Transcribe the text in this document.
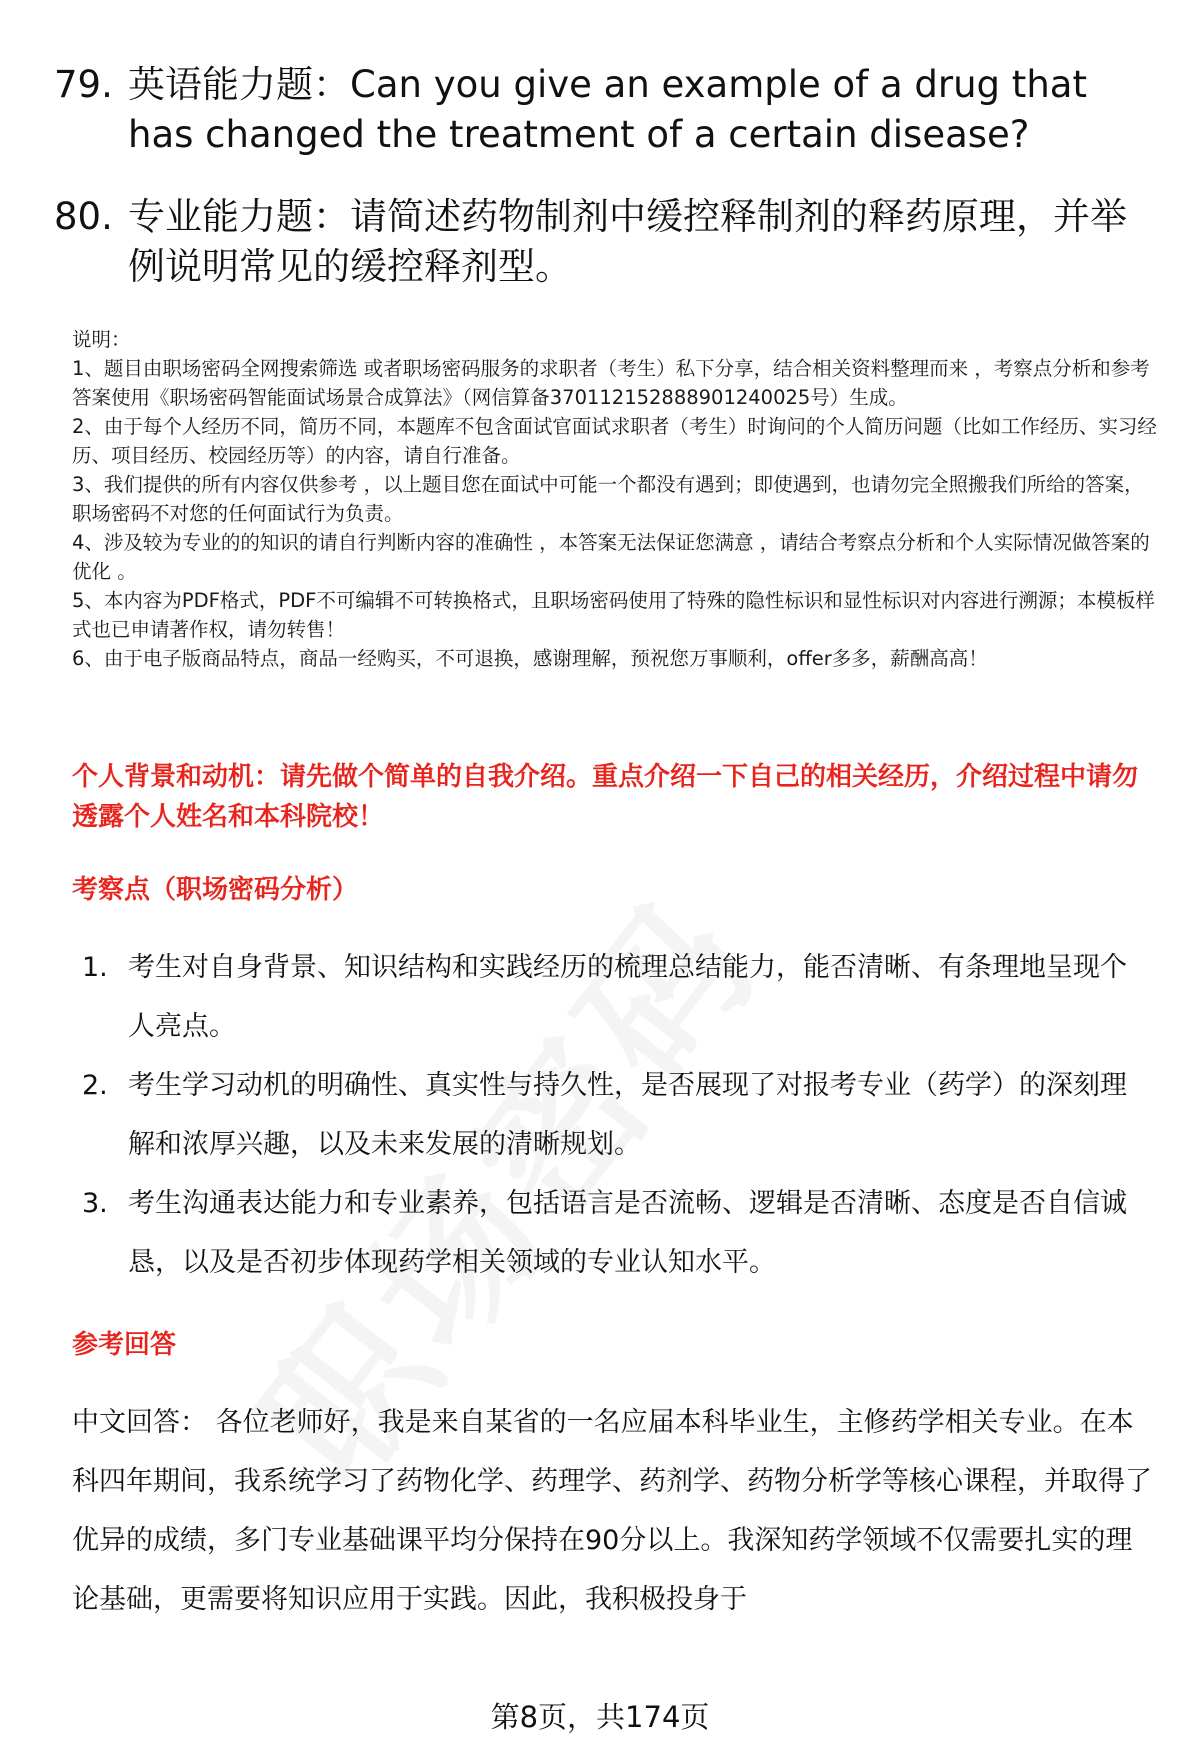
79. 英语能力题：Can you give an example of a drug that has changed the treatment of a certain disease?
80. 专业能力题：请简述药物制剂中缓控释制剂的释药原理，并举例说明常见的缓控释剂型。

说明：

1、题目由职场密码全网搜索筛选 或者职场密码服务的求职者（考生）私下分享，结合相关资料整理而来 ，考察点分析和参考答案使用《职场密码智能面试场景合成算法》（网信算备370112152888901240025号）生成。

2、由于每个人经历不同，简历不同，本题库不包含面试官面试求职者（考生）时询问的个人简历问题（比如工作经历、实习经历、项目经历、校园经历等）的内容，请自行准备。

3、我们提供的所有内容仅供参考 ，以上题目您在面试中可能一个都没有遇到；即使遇到，也请勿完全照搬我们所给的答案，职场密码不对您的任何面试行为负责。

4、涉及较为专业的的知识的请自行判断内容的准确性 ，本答案无法保证您满意 ，请结合考察点分析和个人实际情况做答案的优化 。

5、本内容为PDF格式，PDF不可编辑不可转换格式，且职场密码使用了特殊的隐性标识和显性标识对内容进行溯源；本模板样式也已申请著作权，请勿转售！

6、由于电子版商品特点，商品一经购买，不可退换，感谢理解，预祝您万事顺利，offer多多，薪酬高高！

个人背景和动机：请先做个简单的自我介绍。重点介绍一下自己的相关经历，介绍过程中请勿透露个人姓名和本科院校！
考察点（职场密码分析）
1. 考生对自身背景、知识结构和实践经历的梳理总结能力，能否清晰、有条理地呈现个人亮点。
2. 考生学习动机的明确性、真实性与持久性，是否展现了对报考专业（药学）的深刻理解和浓厚兴趣，以及未来发展的清晰规划。
3. 考生沟通表达能力和专业素养，包括语言是否流畅、逻辑是否清晰、态度是否自信诚恳，以及是否初步体现药学相关领域的专业认知水平。
参考回答
中文回答： 各位老师好，我是来自某省的一名应届本科毕业生，主修药学相关专业。在本科四年期间，我系统学习了药物化学、药理学、药剂学、药物分析学等核心课程，并取得了优异的成绩，多门专业基础课平均分保持在90分以上。我深知药学领域不仅需要扎实的理论基础，更需要将知识应用于实践。因此，我积极投身于
第8页，共174页
